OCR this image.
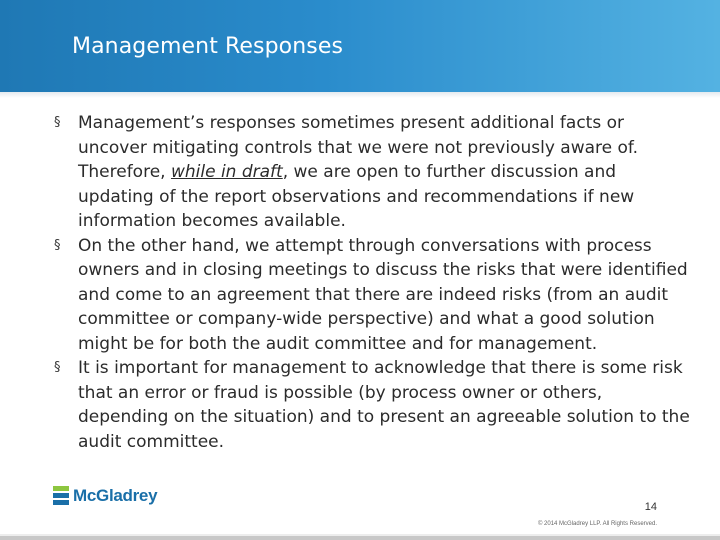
Management Responses
§ Management’s responses sometimes present additional facts or uncover mitigating controls that we were not previously aware of. Therefore, while in draft, we are open to further discussion and updating of the report observations and recommendations if new information becomes available.
§ On the other hand, we attempt through conversations with process owners and in closing meetings to discuss the risks that were identified and come to an agreement that there are indeed risks (from an audit committee or company-wide perspective) and what a good solution might be for both the audit committee and for management.
§ It is important for management to acknowledge that there is some risk that an error or fraud is possible (by process owner or others, depending on the situation) and to present an agreeable solution to the audit committee.
McGladrey
14
© 2014 McGladrey LLP. All Rights Reserved.
